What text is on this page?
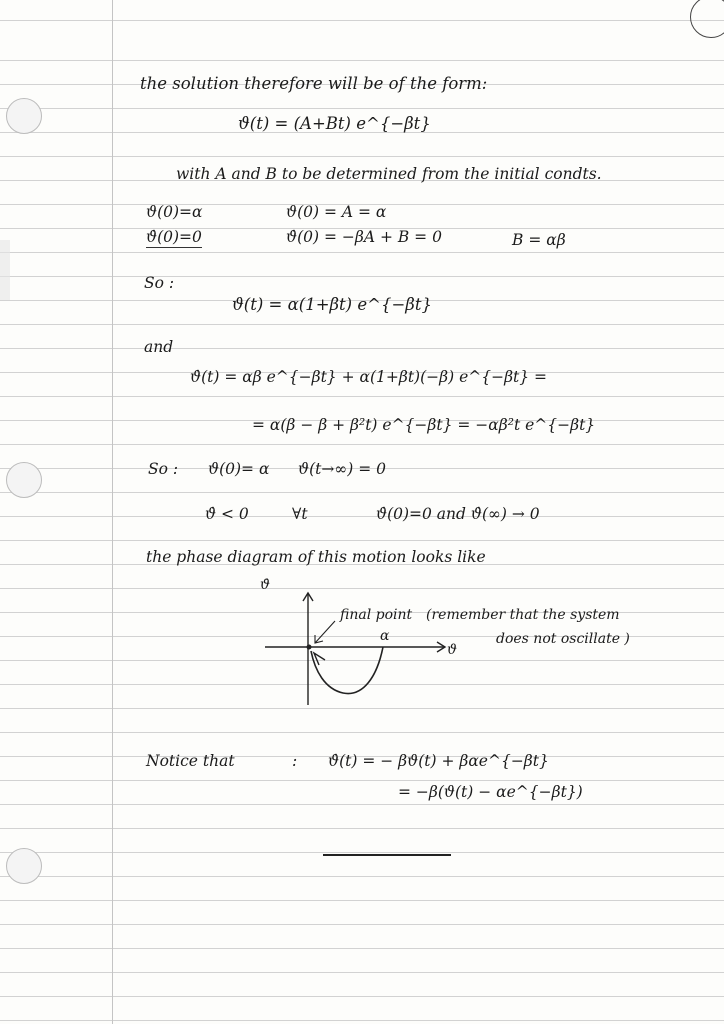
the solution therefore will be of the form:
ϑ(t) = (A+Bt) e^{−βt}
with A and B to be determined from the initial condts.
ϑ(0)=α
ϑ̇(0)=0
ϑ(0) = A = α
ϑ̇(0) = −βA + B = 0	B = αβ
So :
ϑ(t) = α(1+βt) e^{−βt}
and
ϑ̇(t) = αβ e^{−βt} + α(1+βt)(−β) e^{−βt} =
= α(β − β + β²t) e^{−βt} = −αβ²t e^{−βt}
So : ϑ(0)= α ϑ(t→∞) = 0
ϑ̇ < 0	∀t	ϑ̇(0)=0 and ϑ̇(∞) → 0
the phase diagram of this motion looks like
ϑ̇
ϑ
α
final point (remember that the system
does not oscillate )
Notice that	: ϑ̇(t) = − βϑ(t) + βαe^{−βt}
= −β(ϑ(t) − αe^{−βt})
